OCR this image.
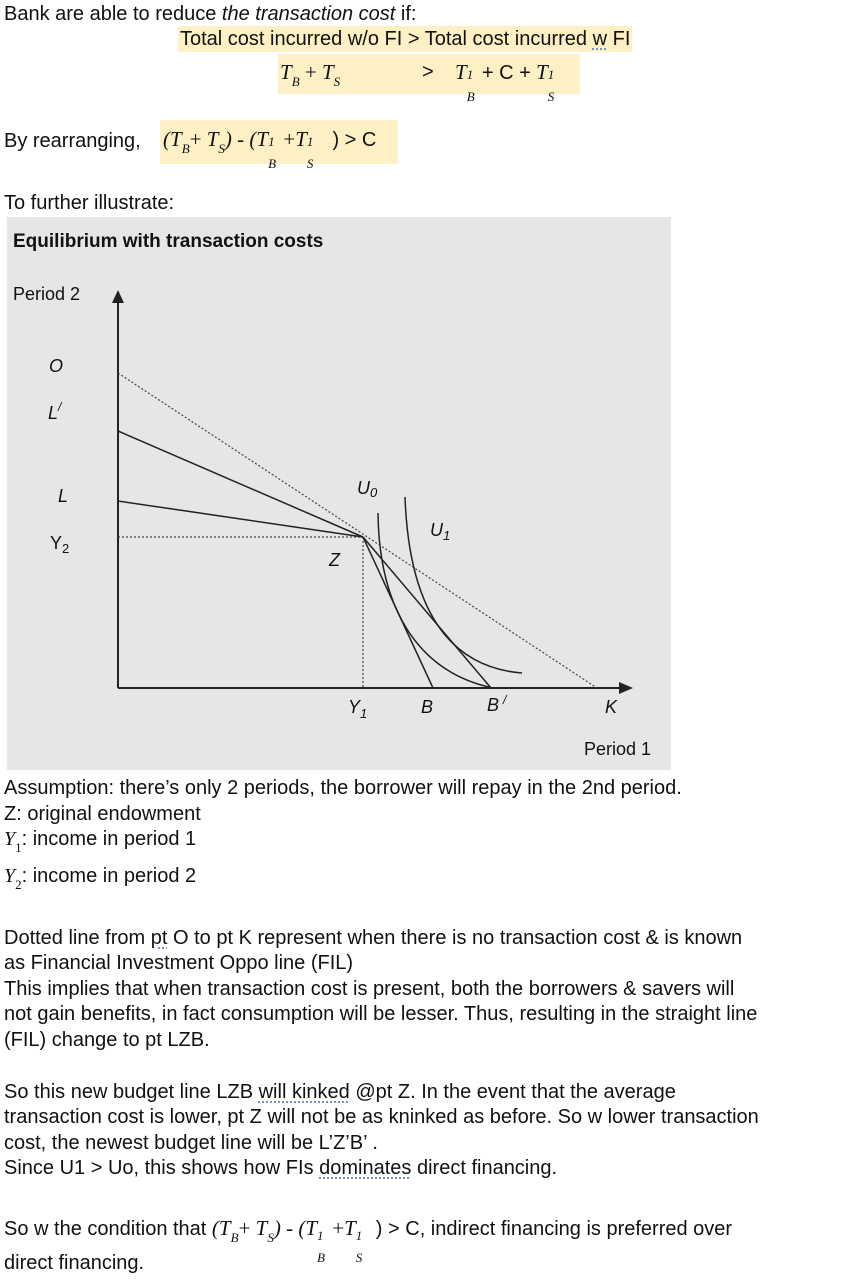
Bank are able to reduce the transaction cost if:
Total cost incurred w/o FI > Total cost incurred w FI
$T_B + T_S$	> T 1
B
+ C + T 1
S
By rearranging, $(T_B+ T_S) - (T$ 1
B
+T 1
S
) > C
To further illustrate:
Equilibrium with transaction costs
Period 2
Period 1
O
L/
L
$Y_2$
Z
U0
$U_1$
$Y_1$	B	B /	K
Assumption: there’s only 2 periods, the borrower will repay in the 2nd period.
Z: original endowment
$Y_1$: income in period 1
$Y_2$: income in period 2
Dotted line from pt O to pt K represent when there is no transaction cost & is known
as Financial Investment Oppo line (FIL)
This implies that when transaction cost is present, both the borrowers & savers will
not gain benefits, in fact consumption will be lesser. Thus, resulting in the straight line
(FIL) change to pt LZB.
So this new budget line LZB will kinked @pt Z. In the event that the average
transaction cost is lower, pt Z will not be as kninked as before. So w lower transaction
cost, the newest budget line will be L’Z’B’ .
Since U1 > Uo, this shows how FIs dominates direct financing.
So w the condition that $(T_B+ T_S) - (T$ 1
B
+T 1
S
) > C, indirect financing is preferred over
direct financing.
